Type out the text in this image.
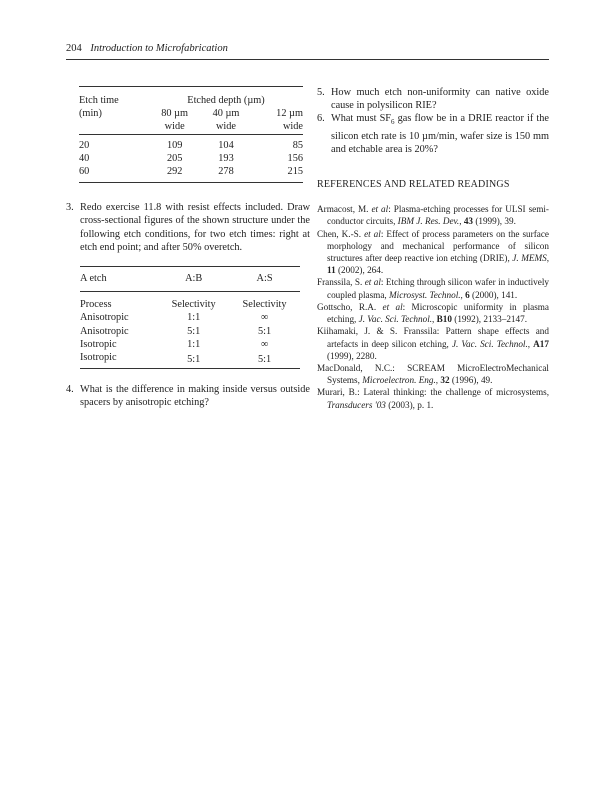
204 Introduction to Microfabrication

Etch time	Etched depth (µm)		
(min)	80 µm	40 µm	12 µm
	wide	wide	wide

20	109	104	85
40	205	193	156
60	292	278	215
3. Redo exercise 11.8 with resist effects included. Draw cross-sectional figures of the shown structure under the following etch conditions, for two etch times: right at etch end point; and after 50% overetch.

A etch	A:B	A:S

Process	Selectivity	Selectivity
Anisotropic	1:1	∞
Anisotropic	5:1	5:1
Isotropic	1:1	∞
Isotropic	5:1	5:1
4. What is the difference in making inside versus outside spacers by anisotropic etching?
5. How much etch non-uniformity can native oxide cause in polysilicon RIE?
6. What must $SF_6$ gas flow be in a DRIE reactor if the silicon etch rate is 10 µm/min, wafer size is 150 mm and etchable area is 20%?
REFERENCES AND RELATED READINGS
Armacost, M. et al: Plasma-etching processes for ULSI semi-conductor circuits, IBM J. Res. Dev., 43 (1999), 39.
Chen, K.-S. et al: Effect of process parameters on the surface morphology and mechanical performance of silicon structures after deep reactive ion etching (DRIE), J. MEMS, 11 (2002), 264.
Franssila, S. et al: Etching through silicon wafer in inductively coupled plasma, Microsyst. Technol., 6 (2000), 141.
Gottscho, R.A. et al: Microscopic uniformity in plasma etching, J. Vac. Sci. Technol., B10 (1992), 2133–2147.
Kiihamaki, J. & S. Franssila: Pattern shape effects and artefacts in deep silicon etching, J. Vac. Sci. Technol., A17 (1999), 2280.
MacDonald, N.C.: SCREAM MicroElectroMechanical Systems, Microelectron. Eng., 32 (1996), 49.
Murari, B.: Lateral thinking: the challenge of microsystems, Transducers '03 (2003), p. 1.
